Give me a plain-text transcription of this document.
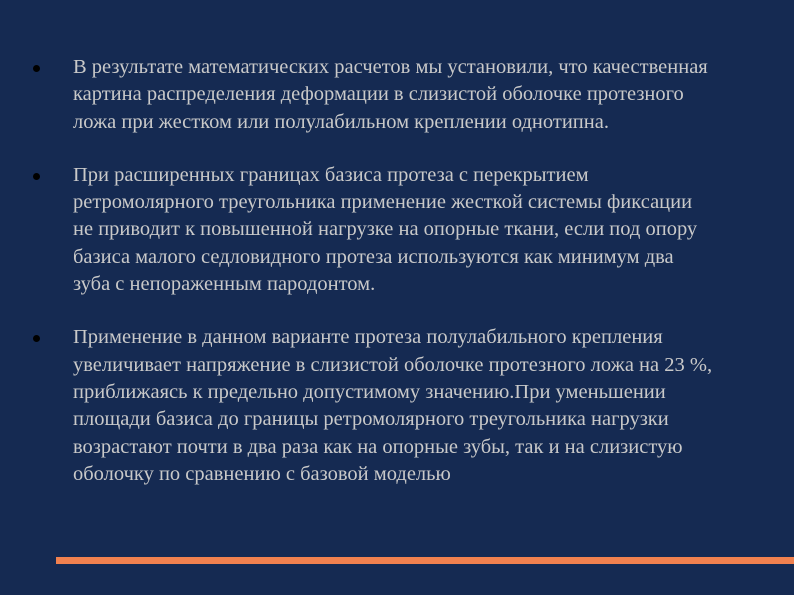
В результате математических расчетов мы установили, что качественная картина распределения деформации в слизистой оболочке протезного ложа при жестком или полулабильном креплении однотипна.
При расширенных границах базиса протеза с перекрытием ретромолярного треугольника применение жесткой системы фиксации не приводит к повышенной нагрузке на опорные ткани, если под опору базиса малого седловидного протеза используются как минимум два зуба с непораженным пародонтом.
Применение в данном варианте протеза полулабильного крепления увеличивает напряжение в слизистой оболочке протезного ложа на 23 %, приближаясь к предельно допустимому значению.При уменьшении площади базиса до границы ретромолярного треугольника нагрузки возрастают почти в два раза как на опорные зубы, так и на слизистую оболочку по сравнению с базовой моделью
